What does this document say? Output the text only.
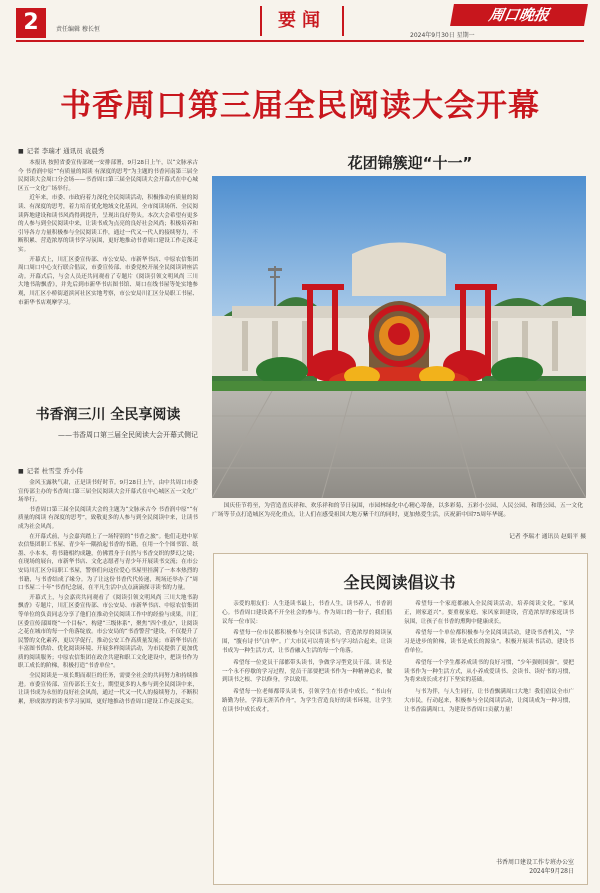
2	责任编辑 穆长恒	要闻	周口晚报
2024年9月30日 星期一
书香周口第三届全民阅读大会开幕
■ 记者 李瑞才 通讯员 袁晨秀

本报讯 按照省委宣传部统一安排部署，9月28日上午，以“文脉承古今 书香润中原”“有质量的阅读 有深度的思考”为主题的书香河南第三届全民阅读大会周口分会场——书香周口第三届全民阅读大会开幕式在中心城区五一文化广场举行。

近年来，市委、市政府着力深化全民阅读活动，积极推动有质量的阅读、有深度的思考，着力培育优化地域文化基因，全市阅读场所、全民阅读阵地建设和读书风尚得到提升，呈现出良好势头。本次大会希望有更多的人参与到全民阅读中来，让读书成为点亮的良好社会风尚；积极培养和引导各方力量积极参与全民阅读工作，通过一代又一代人的接续努力，不断积累、营造浓厚的读书学习氛围，更好地推动书香周口建设工作走深走实。

开幕式上，川汇区委宣传部、市公安局、市新华书店、中原农信集团周口周口中心支行联合倡议，市委宣传部、市委党校开展全民阅读讲座活动。开幕式后，与会人员还共同观看了专题片《阅读引领文明风尚 三川大地书韵飘香》，并先后到市新华书店图书馆、周口在线书屋等处实地参观，川汇区小桥街道滨河社区实地考察，市公安局川汇区分局职工书屋、市新华书店观摩学习。

书香润三川 全民享阅读
——书香周口第三届全民阅读大会开幕式侧记
■ 记者 杜雪莹 乔小伟

金风玉露秋气肃，正是读书好时节。9月28日上午，由中共周口市委宣传部主办的书香周口第三届全民阅读大会开幕式在中心城区五一文化广场举行。

书香周口第三届全民阅读大会的主题为“文脉承古今 书香润中原”“有质量的阅读 有深度的思考”，致敬更多的人参与到全民阅读中来，让读书成为社会风尚。

在开幕式前，与会嘉宾踏上了一场特别的“书香之旅”。他们走进中原农信集团职工书屋、青少年一隅拾起书香的书籍，在用一个个图书馆、纸墨、小本本，将书籍相约成趣，仿佛置身于自然与书香交织的梦幻之境；在现场的展台，市新华书店、文化志愿者与青少年开展读书交流；在市公安局川汇区分局职工书屋，警察们向这位爱心书屋里挂满了一本本热烈的书籍，与书香结成了缘分。为了让这份书香代代传递，现场还举办了“周口书屋二十年”书香纪念展，在平凡生活中点点滴滴探寻读书的力量。

开幕式上，与会嘉宾共同观看了《阅读引领文明风尚 三川大地书韵飘香》专题片，川汇区委宣传部、市公安局、市新华书店、中原农信集团等单位的负责同志分享了他们在推动全民阅读工作中的经验与成果，川汇区委宣传部围绕“一个目标”、构建“三级体系”，聚焦“四个重点”，让阅读之花在城市的每一个角落绽放。市公安局的“书香警营”建设，不仅提升了民警的文化素养，更以学促行，推动公安工作高质量发展；市新华书店在丰富图书供给、优化阅读环境、开展多样阅读活动，为市民提供了更加优质的阅读服务；中原农信集团在政企共建和职工文化建设中，把读书作为职工成长的阶梯，积极打造“书香单位”。

全民阅读是一项长期而艰巨的任务，需要全社会的共同努力和持续推进。市委宣传部、宣传部长王女士，期望更多的人参与到全民阅读中来，让读书成为永恒的良好社会风尚，通过一代又一代人的接续努力，不断积累，形成浓厚的读书学习氛围，更好地推动书香周口建设工作走深走实。

花团锦簇迎“十一”
国庆佳节将至，为营造喜庆祥和、欢乐祥和的节日氛围，市园林绿化中心精心筹备，以多彩菊、五彩小公园、人民公园、和谐公园、五一文化广场等节点打造城区为亮化重点，让人们在感受祖国大地万紫千红的同时，更加热爱生活，庆祝新中国75周年华诞。
记者 李瑞才 通讯员 赵娟平 摄
全民阅读倡议书

亲爱的朋友们：人生逢读书最上，书香人生，读书养人，书香润心。书香周口建设离不开全社会的参与。作为周口的一份子，我们倡议每一位市民：

希望每一位市民都积极参与全民读书活动，营造浓厚的阅读氛围，“腹有诗书气自华”。广大市民可以将读书与学习结合起来，让读书成为一种生活方式，让书香融入生活的每一个角落。

希望每一位党员干部都带头读书，争做学习型党员干部。读书是一个永不停歇的学习过程，党员干部要把读书作为一种精神追求，做到读书之根、学以修身，学以致用。

希望每一位老师都带头读书，引领学生在书香中成长。“书山有路勤为径，学海无涯苦作舟”，为学生营造良好的读书环境，让学生在读书中成长成才。

希望每一个家庭都融入全民阅读活动，培养阅读文化，“家风正，则家道兴”。要重视家庭、家风家训建设，营造浓厚的家庭读书氛围，让孩子在书香的熏陶中健康成长。

希望每一个单位都积极参与全民阅读活动，建设书香机关，“学习是进步的阶梯，读书是成长的源泉”。积极开展读书活动，建设书香单位。

希望每一个学生都养成读书的良好习惯，“少年强则国强”。要把读书作为一种生活方式，从小养成爱读书、会读书、读好书的习惯，为将来成长成才打下坚实的基础。

与书为伴，与人生同行，让书香飘满周口大地！我们倡议全市广大市民，行动起来，积极参与全民阅读活动，让阅读成为一种习惯，让书香溢满周口，为建设书香周口贡献力量！

书香周口建设工作专班办公室
2024年9月28日
